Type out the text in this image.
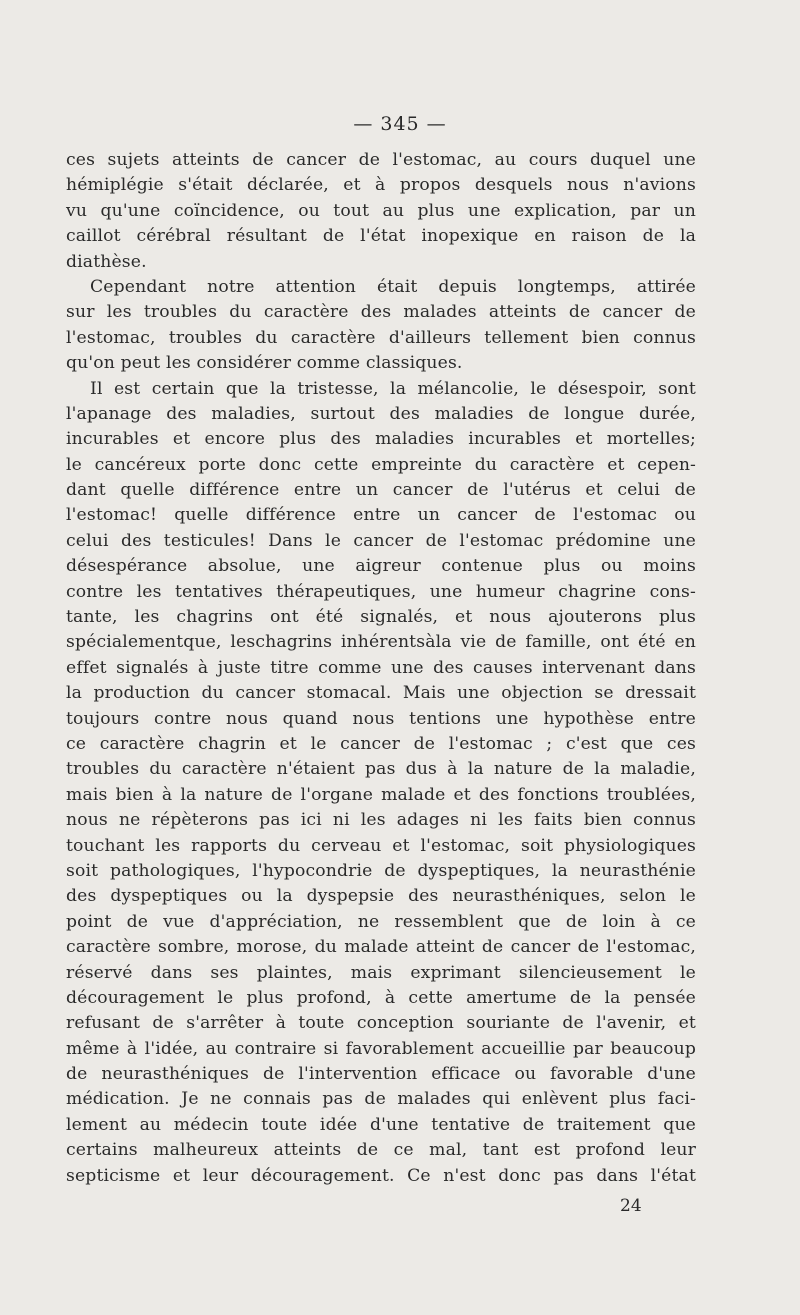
— 345 —
ces sujets atteints de cancer de l'estomac, au cours duquel une
hémiplégie s'était déclarée, et à propos desquels nous n'avions
vu qu'une coïncidence, ou tout au plus une explication, par un
caillot cérébral résultant de l'état inopexique en raison de la
diathèse.
Cependant notre attention était depuis longtemps, attirée
sur les troubles du caractère des malades atteints de cancer de
l'estomac, troubles du caractère d'ailleurs tellement bien connus
qu'on peut les considérer comme classiques.
Il est certain que la tristesse, la mélancolie, le désespoir, sont
l'apanage des maladies, surtout des maladies de longue durée,
incurables et encore plus des maladies incurables et mortelles;
le cancéreux porte donc cette empreinte du caractère et cepen-
dant quelle différence entre un cancer de l'utérus et celui de
l'estomac! quelle différence entre un cancer de l'estomac ou
celui des testicules! Dans le cancer de l'estomac prédomine une
désespérance absolue, une aigreur contenue plus ou moins
contre les tentatives thérapeutiques, une humeur chagrine cons-
tante, les chagrins ont été signalés, et nous ajouterons plus
spécialementque, leschagrins inhérentsàla vie de famille, ont été en
effet signalés à juste titre comme une des causes intervenant dans
la production du cancer stomacal. Mais une objection se dressait
toujours contre nous quand nous tentions une hypothèse entre
ce caractère chagrin et le cancer de l'estomac ; c'est que ces
troubles du caractère n'étaient pas dus à la nature de la maladie,
mais bien à la nature de l'organe malade et des fonctions troublées,
nous ne répèterons pas ici ni les adages ni les faits bien connus
touchant les rapports du cerveau et l'estomac, soit physiologiques
soit pathologiques, l'hypocondrie de dyspeptiques, la neurasthénie
des dyspeptiques ou la dyspepsie des neurasthéniques, selon le
point de vue d'appréciation, ne ressemblent que de loin à ce
caractère sombre, morose, du malade atteint de cancer de l'estomac,
réservé dans ses plaintes, mais exprimant silencieusement le
découragement le plus profond, à cette amertume de la pensée
refusant de s'arrêter à toute conception souriante de l'avenir, et
même à l'idée, au contraire si favorablement accueillie par beaucoup
de neurasthéniques de l'intervention efficace ou favorable d'une
médication. Je ne connais pas de malades qui enlèvent plus faci-
lement au médecin toute idée d'une tentative de traitement que
certains malheureux atteints de ce mal, tant est profond leur
septicisme et leur découragement. Ce n'est donc pas dans l'état
24
